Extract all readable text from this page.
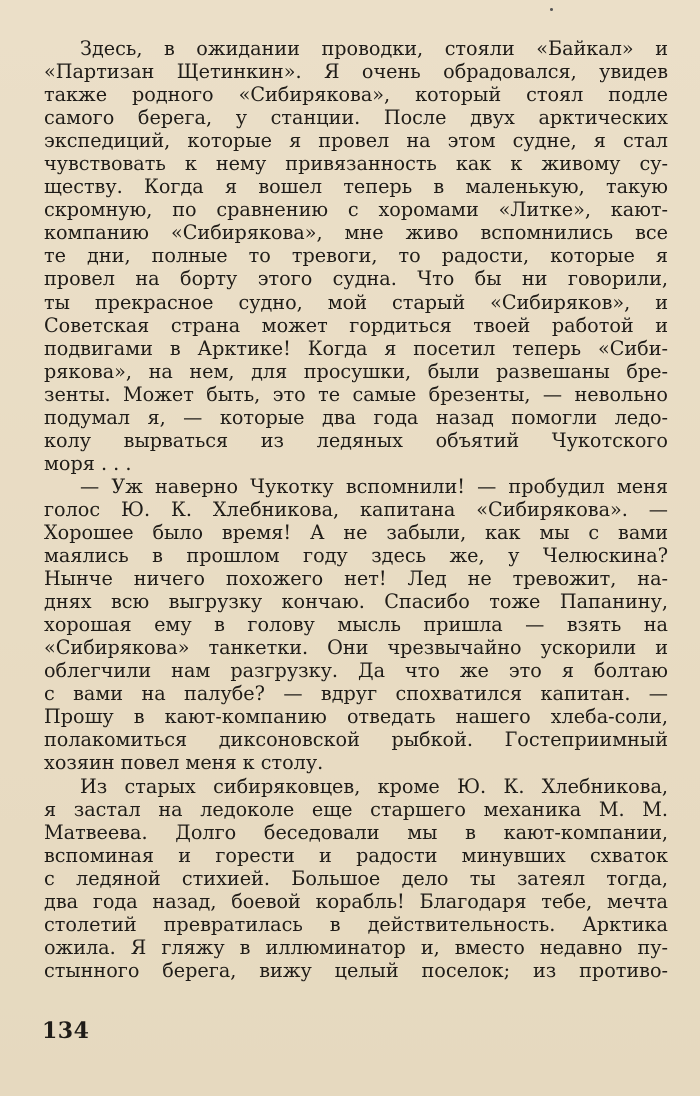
Здесь, в ожидании проводки, стояли «Байкал» и
«Партизан Щетинкин». Я очень обрадовался, увидев
также родного «Сибирякова», который стоял подле
самого берега, у станции. После двух арктических
экспедиций, которые я провел на этом судне, я стал
чувствовать к нему привязанность как к живому су-
ществу. Когда я вошел теперь в маленькую, такую
скромную, по сравнению с хоромами «Литке», кают-
компанию «Сибирякова», мне живо вспомнились все
те дни, полные то тревоги, то радости, которые я
провел на борту этого судна. Что бы ни говорили,
ты прекрасное судно, мой старый «Сибиряков», и
Советская страна может гордиться твоей работой и
подвигами в Арктике! Когда я посетил теперь «Сиби-
рякова», на нем, для просушки, были развешаны бре-
зенты. Может быть, это те самые брезенты, — невольно
подумал я, — которые два года назад помогли ледо-
колу вырваться из ледяных объятий Чукотского
моря . . .
— Уж наверно Чукотку вспомнили! — пробудил меня
голос Ю. К. Хлебникова, капитана «Сибирякова». —
Хорошее было время! А не забыли, как мы с вами
маялись в прошлом году здесь же, у Челюскина?
Нынче ничего похожего нет! Лед не тревожит, на-
днях всю выгрузку кончаю. Спасибо тоже Папанину,
хорошая ему в голову мысль пришла — взять на
«Сибирякова» танкетки. Они чрезвычайно ускорили и
облегчили нам разгрузку. Да что же это я болтаю
с вами на палубе? — вдруг спохватился капитан. —
Прошу в кают-компанию отведать нашего хлеба-соли,
полакомиться диксоновской рыбкой. Гостеприимный
хозяин повел меня к столу.
Из старых сибиряковцев, кроме Ю. К. Хлебникова,
я застал на ледоколе еще старшего механика М. М.
Матвеева. Долго беседовали мы в кают-компании,
вспоминая и горести и радости минувших схваток
с ледяной стихией. Большое дело ты затеял тогда,
два года назад, боевой корабль! Благодаря тебе, мечта
столетий превратилась в действительность. Арктика
ожила. Я гляжу в иллюминатор и, вместо недавно пу-
стынного берега, вижу целый поселок; из противо-
134
